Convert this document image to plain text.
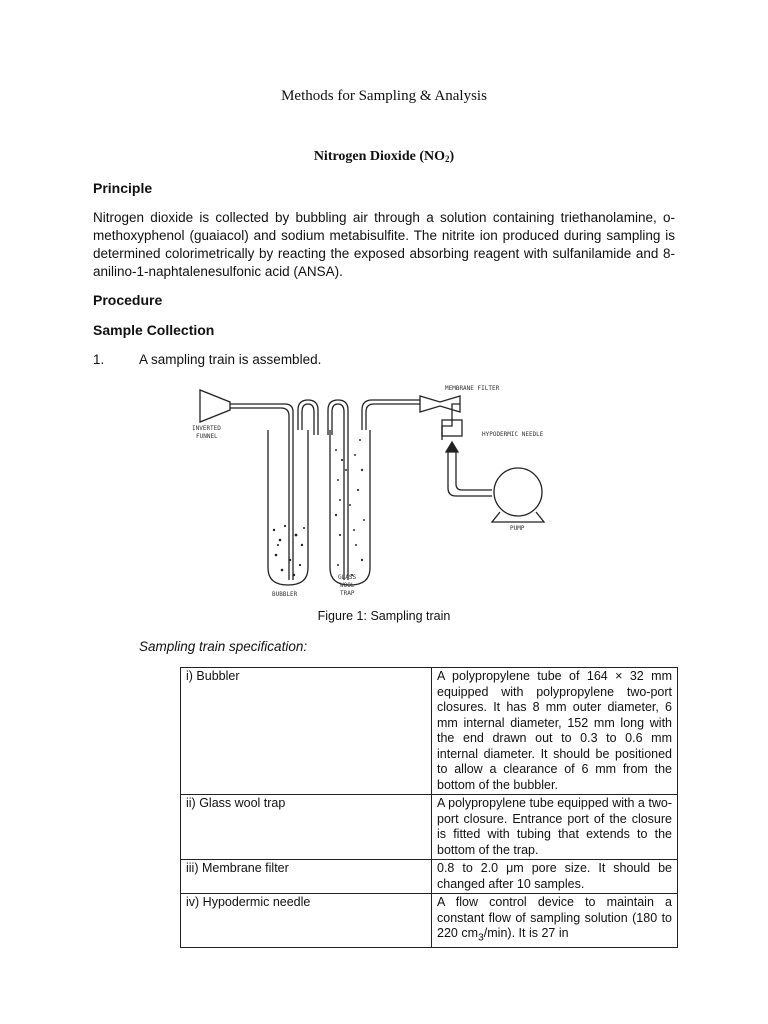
Methods for Sampling & Analysis
Nitrogen Dioxide $(NO_2)$
Principle
Nitrogen dioxide is collected by bubbling air through a solution containing triethanolamine, o-methoxyphenol (guaiacol) and sodium metabisulfite. The nitrite ion produced during sampling is determined colorimetrically by reacting the exposed absorbing reagent with sulfanilamide and 8-anilino-1-naphtalenesulfonic acid (ANSA).
Procedure
Sample Collection
1.	A sampling train is assembled.
INVERTED
FUNNEL
BUBBLER
GLASS
WOOL
TRAP
MEMBRANE FILTER
HYPODERMIC NEEDLE
PUMP
Figure 1: Sampling train
Sampling train specification:
i) Bubbler	A polypropylene tube of 164 × 32 mm equipped with polypropylene two-port closures. It has 8 mm outer diameter, 6 mm internal diameter, 152 mm long with the end drawn out to 0.3 to 0.6 mm internal diameter. It should be positioned to allow a clearance of 6 mm from the bottom of the bubbler.
ii) Glass wool trap	A polypropylene tube equipped with a two-port closure. Entrance port of the closure is fitted with tubing that extends to the bottom of the trap.
iii) Membrane filter	0.8 to 2.0 μm pore size. It should be changed after 10 samples.
iv) Hypodermic needle	A flow control device to maintain a constant flow of sampling solution (180 to 220 $cm_3/\min$). It is 27 in
